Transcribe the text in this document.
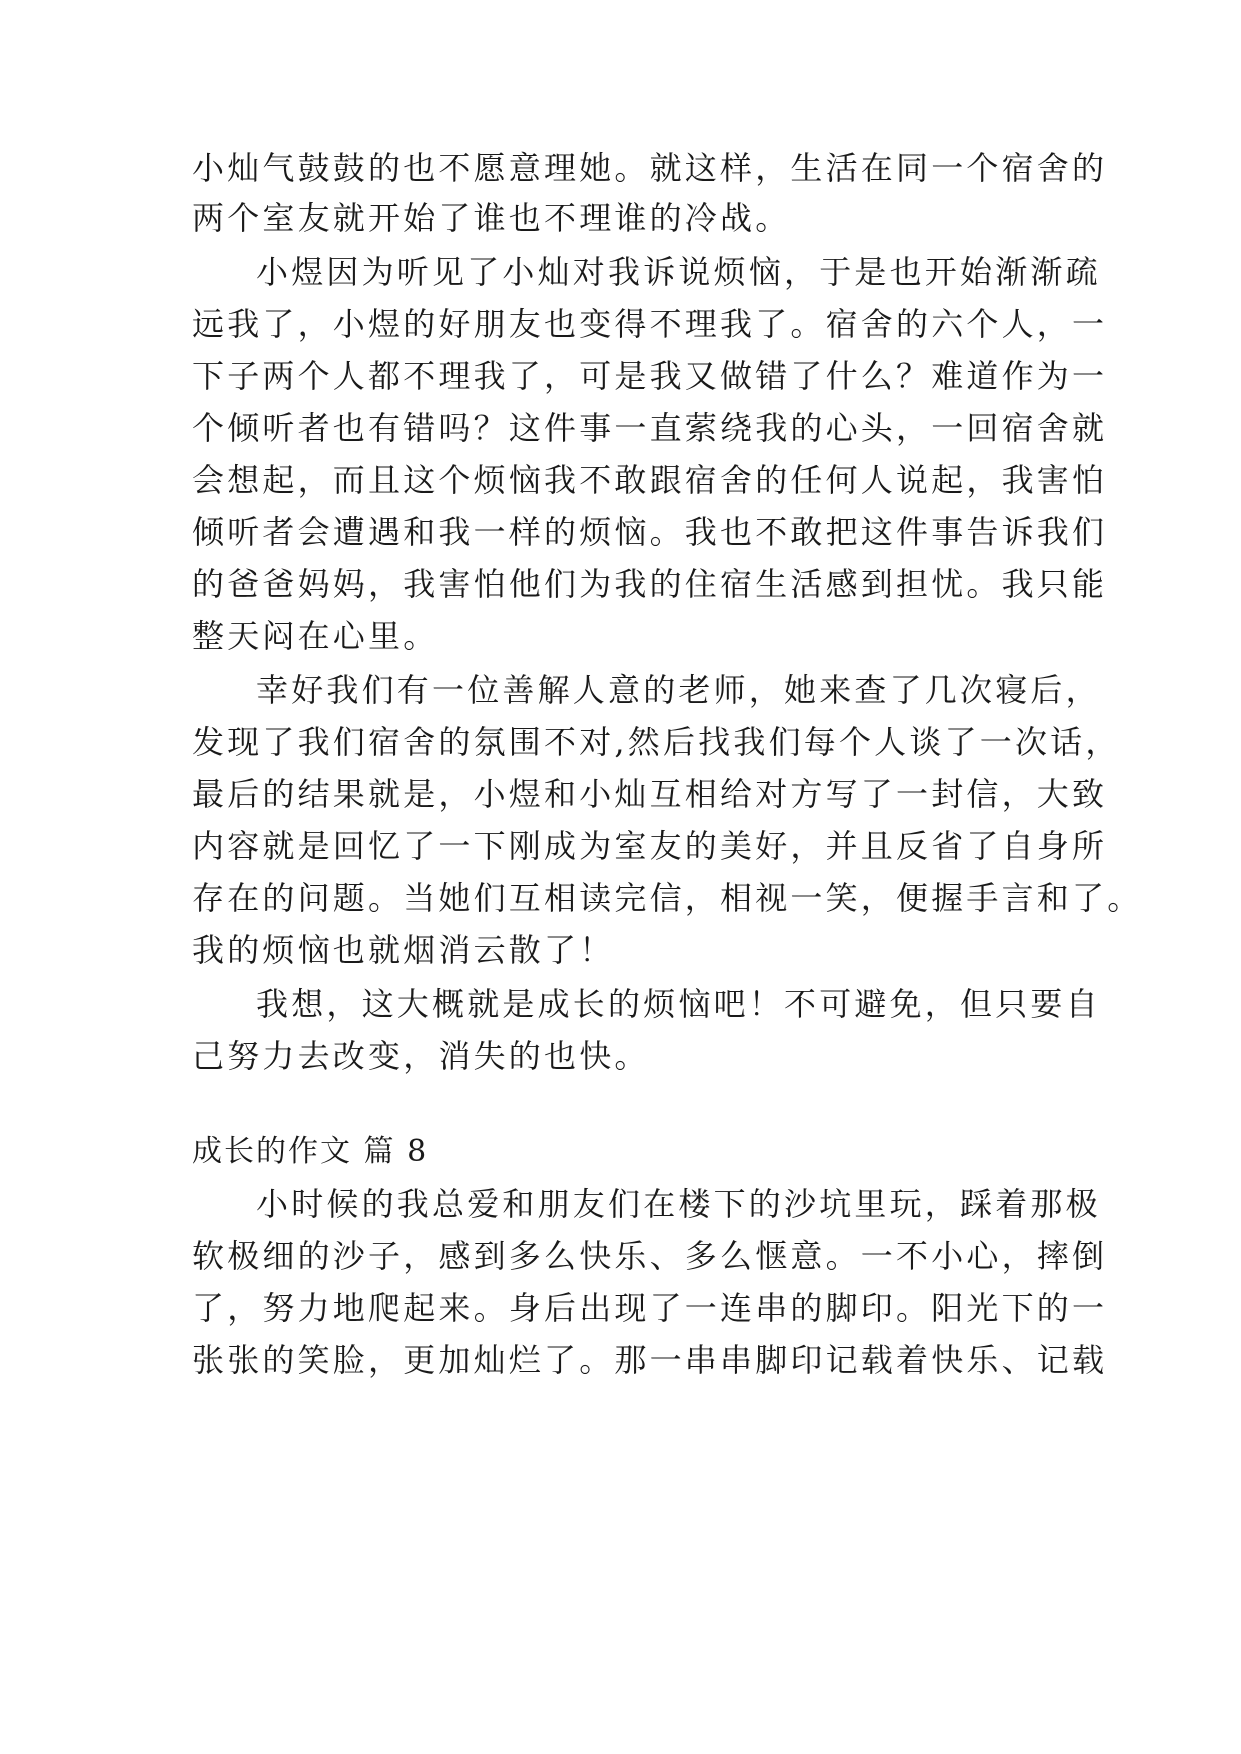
小灿气鼓鼓的也不愿意理她。就这样，生活在同一个宿舍的
两个室友就开始了谁也不理谁的冷战。
小煜因为听见了小灿对我诉说烦恼，于是也开始渐渐疏
远我了，小煜的好朋友也变得不理我了。宿舍的六个人，一
下子两个人都不理我了，可是我又做错了什么？难道作为一
个倾听者也有错吗？这件事一直萦绕我的心头，一回宿舍就
会想起，而且这个烦恼我不敢跟宿舍的任何人说起，我害怕
倾听者会遭遇和我一样的烦恼。我也不敢把这件事告诉我们
的爸爸妈妈，我害怕他们为我的住宿生活感到担忧。我只能
整天闷在心里。
幸好我们有一位善解人意的老师，她来查了几次寝后，
发现了我们宿舍的氛围不对,然后找我们每个人谈了一次话，
最后的结果就是，小煜和小灿互相给对方写了一封信，大致
内容就是回忆了一下刚成为室友的美好，并且反省了自身所
存在的问题。当她们互相读完信，相视一笑，便握手言和了。
我的烦恼也就烟消云散了！
我想，这大概就是成长的烦恼吧！不可避免，但只要自
己努力去改变，消失的也快。
成长的作文 篇 8
小时候的我总爱和朋友们在楼下的沙坑里玩，踩着那极
软极细的沙子，感到多么快乐、多么惬意。一不小心，摔倒
了，努力地爬起来。身后出现了一连串的脚印。阳光下的一
张张的笑脸，更加灿烂了。那一串串脚印记载着快乐、记载
